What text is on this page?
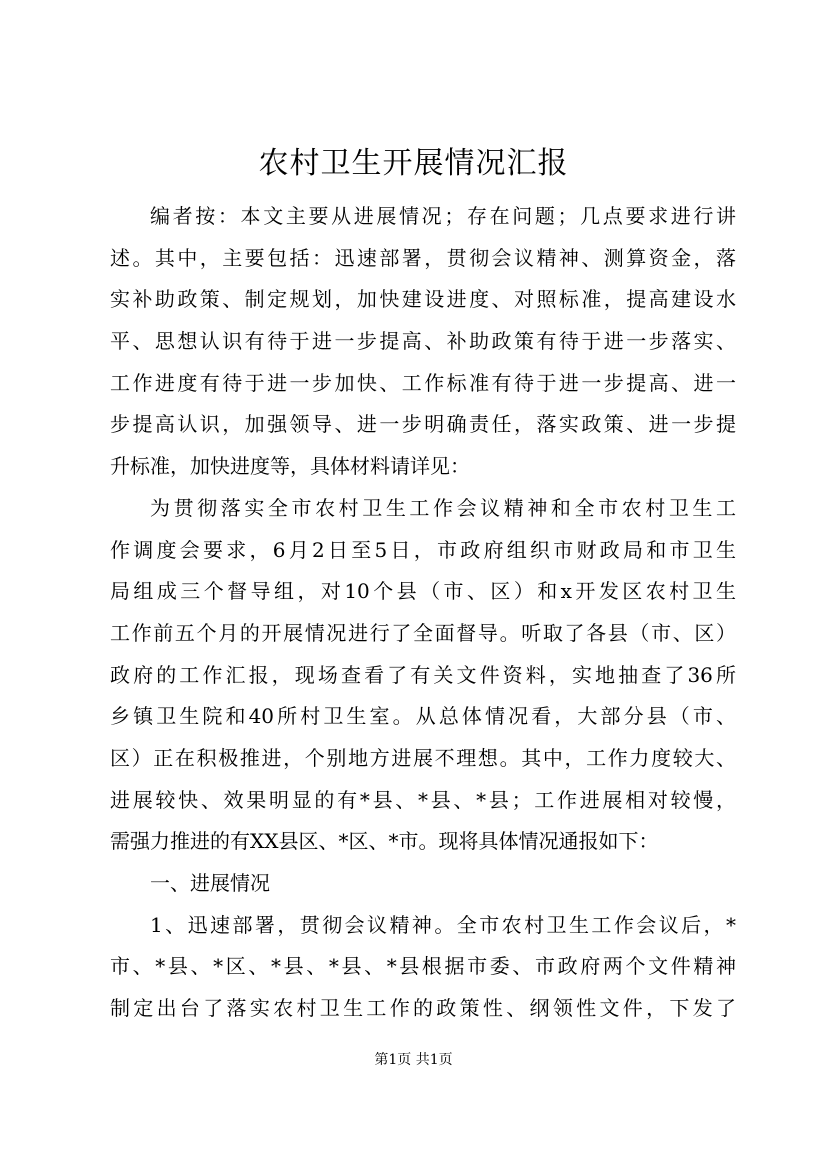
农村卫生开展情况汇报
编者按：本文主要从进展情况；存在问题；几点要求进行讲
述。其中，主要包括：迅速部署，贯彻会议精神、测算资金，落
实补助政策、制定规划，加快建设进度、对照标准，提高建设水
平、思想认识有待于进一步提高、补助政策有待于进一步落实、
工作进度有待于进一步加快、工作标准有待于进一步提高、进一
步提高认识，加强领导、进一步明确责任，落实政策、进一步提
升标准，加快进度等，具体材料请详见：
为贯彻落实全市农村卫生工作会议精神和全市农村卫生工
作调度会要求，6月2日至5日，市政府组织市财政局和市卫生
局组成三个督导组，对10个县（市、区）和x开发区农村卫生
工作前五个月的开展情况进行了全面督导。听取了各县（市、区）
政府的工作汇报，现场查看了有关文件资料，实地抽查了36所
乡镇卫生院和40所村卫生室。从总体情况看，大部分县（市、
区）正在积极推进，个别地方进展不理想。其中，工作力度较大、
进展较快、效果明显的有*县、*县、*县；工作进展相对较慢，
需强力推进的有XX县区、*区、*市。现将具体情况通报如下：
一、进展情况
1、迅速部署，贯彻会议精神。全市农村卫生工作会议后，*
市、*县、*区、*县、*县、*县根据市委、市政府两个文件精神
制定出台了落实农村卫生工作的政策性、纲领性文件，下发了
第1页 共1页
